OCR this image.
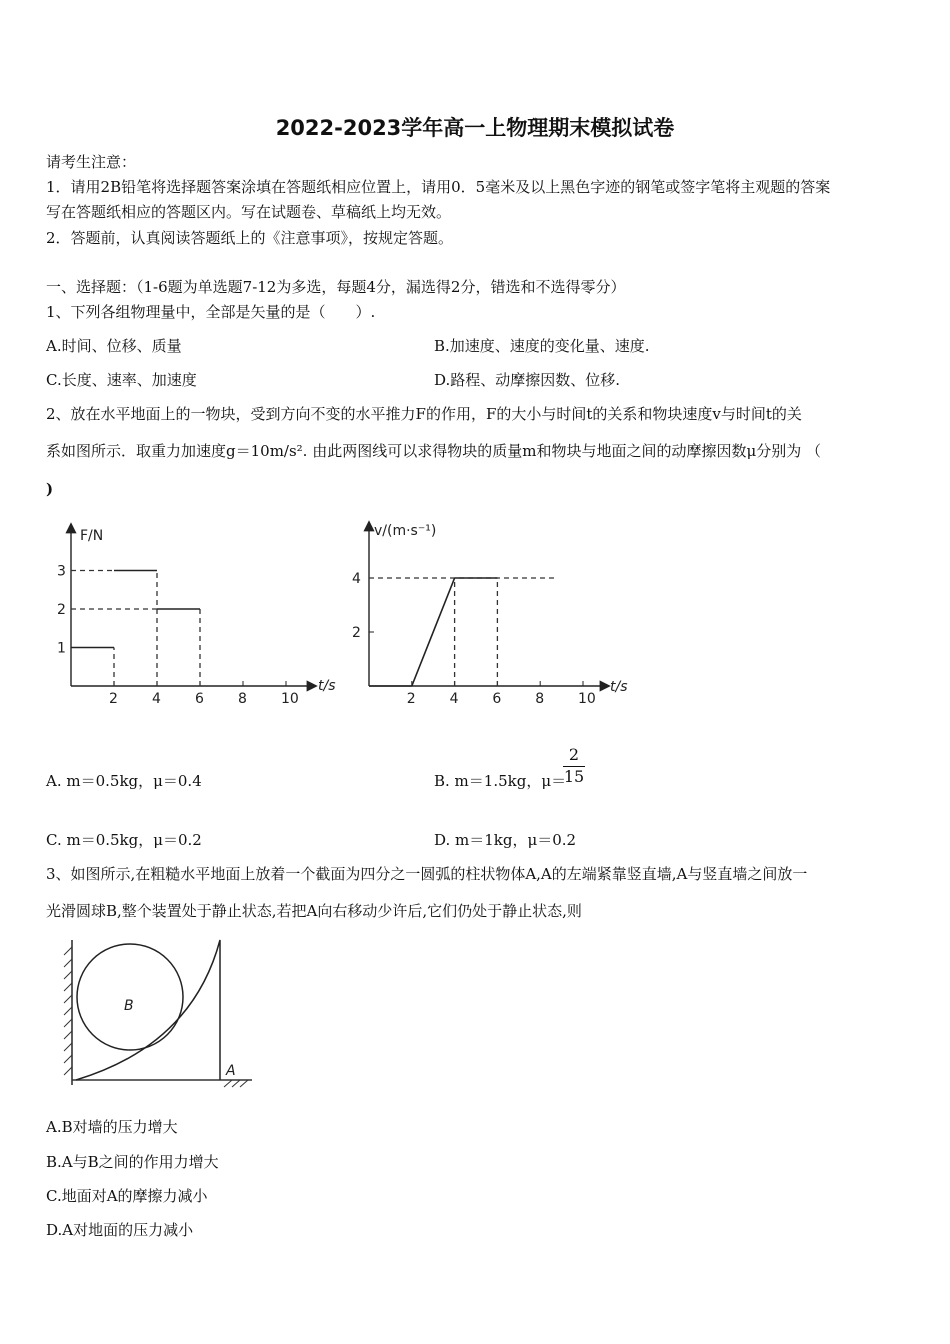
2022-2023学年高一上物理期末模拟试卷
请考生注意：
1．请用2B铅笔将选择题答案涂填在答题纸相应位置上，请用0．5毫米及以上黑色字迹的钢笔或签字笔将主观题的答案
写在答题纸相应的答题区内。写在试题卷、草稿纸上均无效。
2．答题前，认真阅读答题纸上的《注意事项》，按规定答题。
一、选择题：（1-6题为单选题7-12为多选，每题4分，漏选得2分，错选和不选得零分）
1、下列各组物理量中，全部是矢量的是（　　）.
A.时间、位移、质量	B.加速度、速度的变化量、速度.
C.长度、速率、加速度	D.路程、动摩擦因数、位移.
2、放在水平地面上的一物块，受到方向不变的水平推力F的作用，F的大小与时间t的关系和物块速度v与时间t的关
系如图所示．取重力加速度g＝10m/s². 由此两图线可以求得物块的质量m和物块与地面之间的动摩擦因数μ分别为 （
)
F/N
t/s
2 4 6 8 10
1
2
3
v/(m·s⁻¹)
t/s
2 4 6 8 10
2
4
A. m＝0.5kg，μ＝0.4	B. m＝1.5kg，μ＝
$\frac{2}{15}$
C. m＝0.5kg，μ＝0.2	D. m＝1kg，μ＝0.2
3、如图所示,在粗糙水平地面上放着一个截面为四分之一圆弧的柱状物体A,A的左端紧靠竖直墙,A与竖直墙之间放一
光滑圆球B,整个装置处于静止状态,若把A向右移动少许后,它们仍处于静止状态,则
B
A
A.B对墙的压力增大
B.A与B之间的作用力增大
C.地面对A的摩擦力减小
D.A对地面的压力减小
